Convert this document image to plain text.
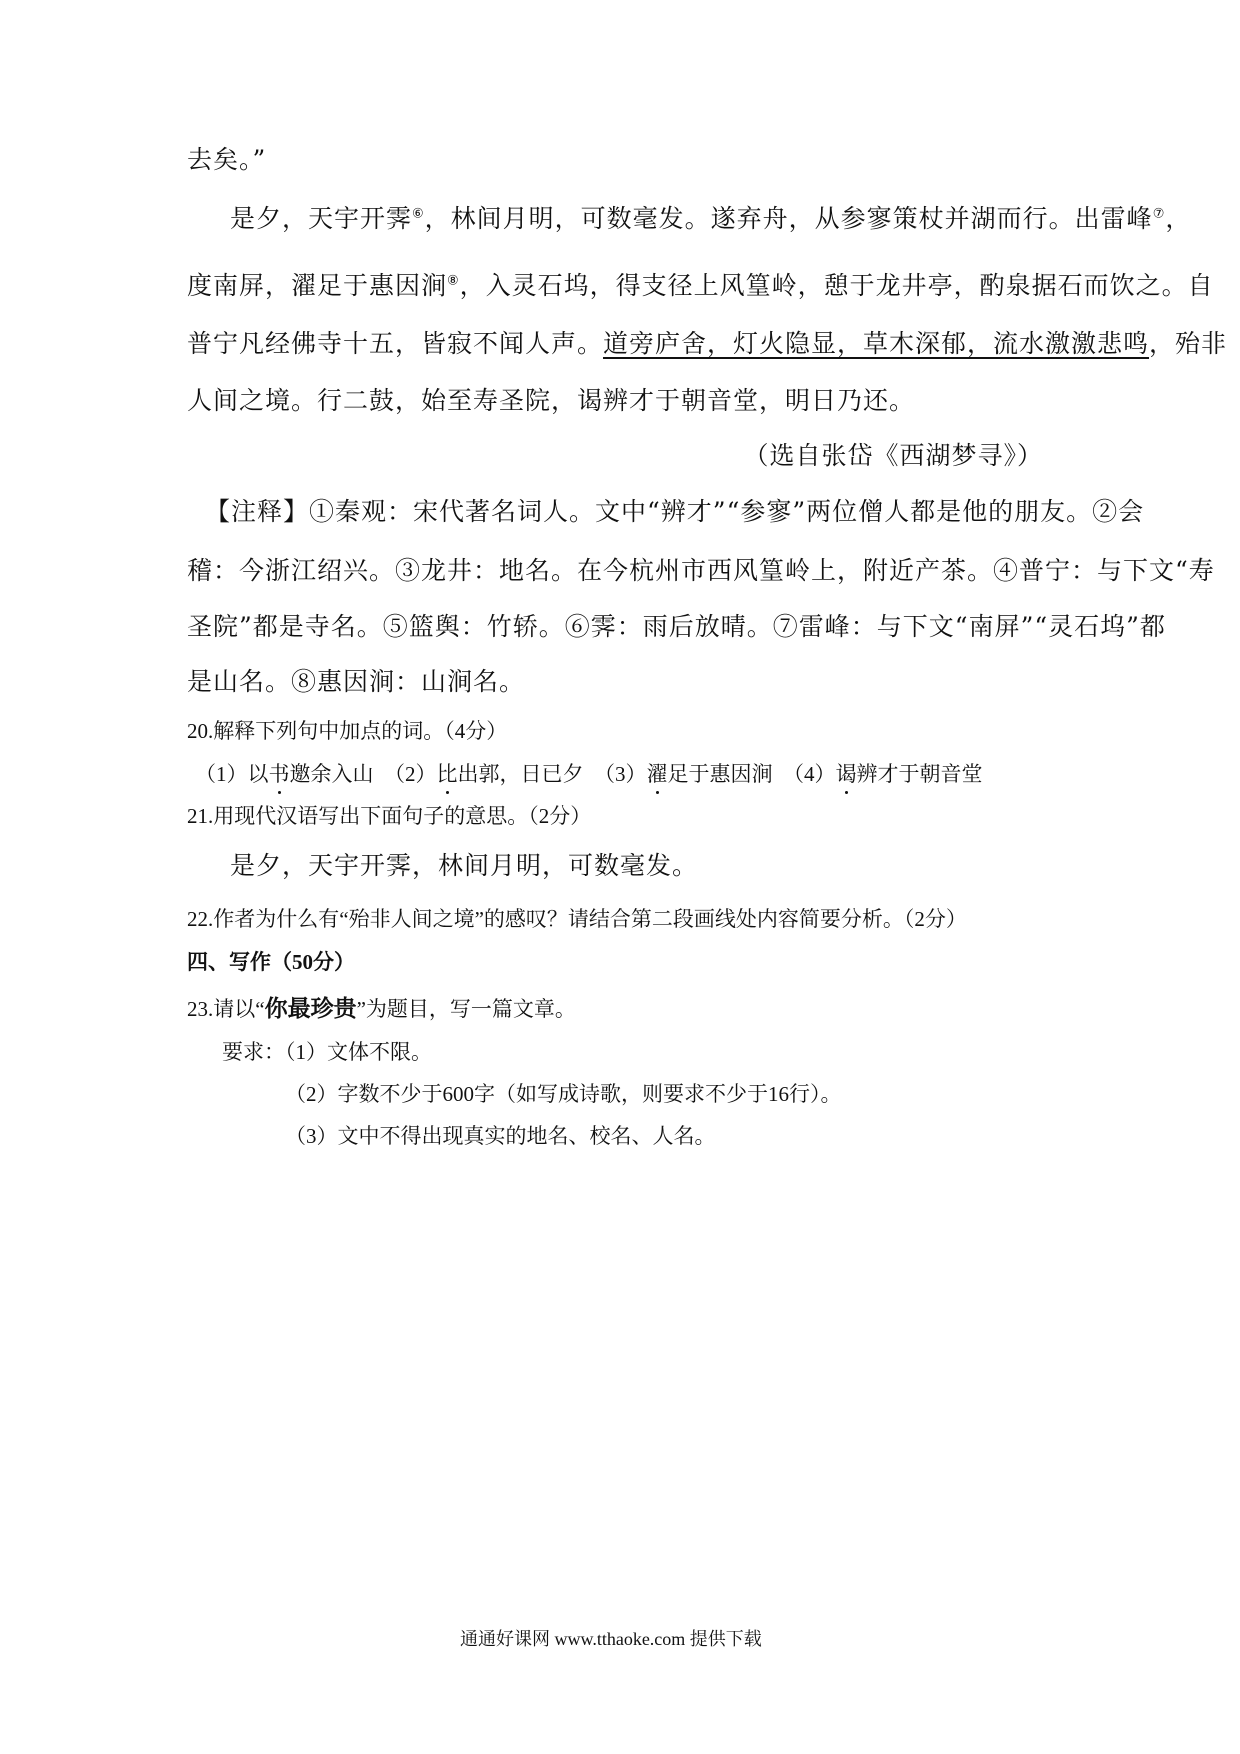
去矣。”
是夕，天宇开霁⑥，林间月明，可数毫发。遂弃舟，从参寥策杖并湖而行。出雷峰⑦，
度南屏，濯足于惠因涧⑧，入灵石坞，得支径上风篁岭，憩于龙井亭，酌泉据石而饮之。自
普宁凡经佛寺十五，皆寂不闻人声。道旁庐舍，灯火隐显，草木深郁，流水激激悲鸣，殆非
人间之境。行二鼓，始至寿圣院，谒辨才于朝音堂，明日乃还。
（选自张岱《西湖梦寻》）
【注释】①秦观：宋代著名词人。文中“辨才”“参寥”两位僧人都是他的朋友。②会
稽：今浙江绍兴。③龙井：地名。在今杭州市西风篁岭上，附近产茶。④普宁：与下文“寿
圣院”都是寺名。⑤篮舆：竹轿。⑥霁：雨后放晴。⑦雷峰：与下文“南屏”“灵石坞”都
是山名。⑧惠因涧：山涧名。
20.解释下列句中加点的词。（4分）
（1）以书邀余入山　（2）比出郭，日已夕　（3）濯足于惠因涧　（4）谒辨才于朝音堂
21.用现代汉语写出下面句子的意思。（2分）
是夕，天宇开霁，林间月明，可数毫发。
22.作者为什么有“殆非人间之境”的感叹？请结合第二段画线处内容简要分析。（2分）
四、写作（50分）
23.请以“你最珍贵”为题目，写一篇文章。
要求：（1）文体不限。
（2）字数不少于600字（如写成诗歌，则要求不少于16行）。
（3）文中不得出现真实的地名、校名、人名。
通通好课网 www.tthaoke.com 提供下载
